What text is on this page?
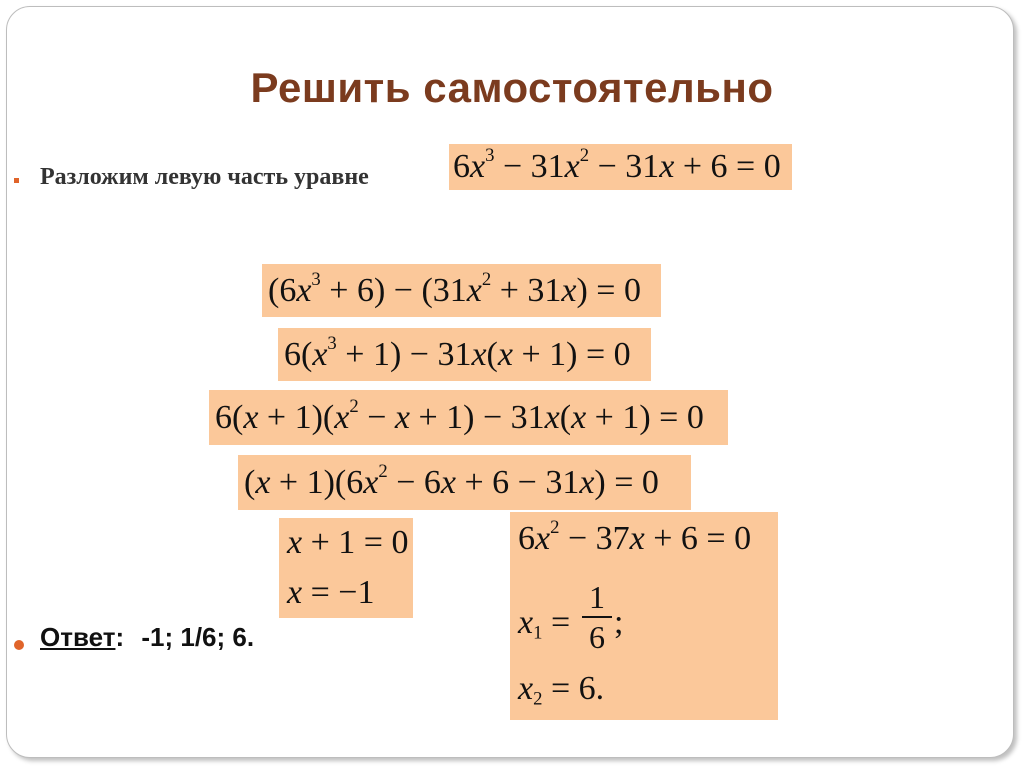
Решить самостоятельно
Разложим левую часть уравне $6x^3 - 31x^2 - 31x + 6 = 0$
$(6x^3 + 6) - (31x^2 + 31x) = 0$
$6(x^3 + 1) - 31x(x + 1) = 0$
$6(x + 1)(x^2 - x + 1) - 31x(x + 1) = 0$
$(x + 1)(6x^2 - 6x + 6 - 31x) = 0$
x + 1 = 0
x = −1
$6x^2 - 37x + 6 = 0$
$x_1$ =
1
6 ;
$x_2 = 6$.
Ответ: -1; 1/6; 6.
